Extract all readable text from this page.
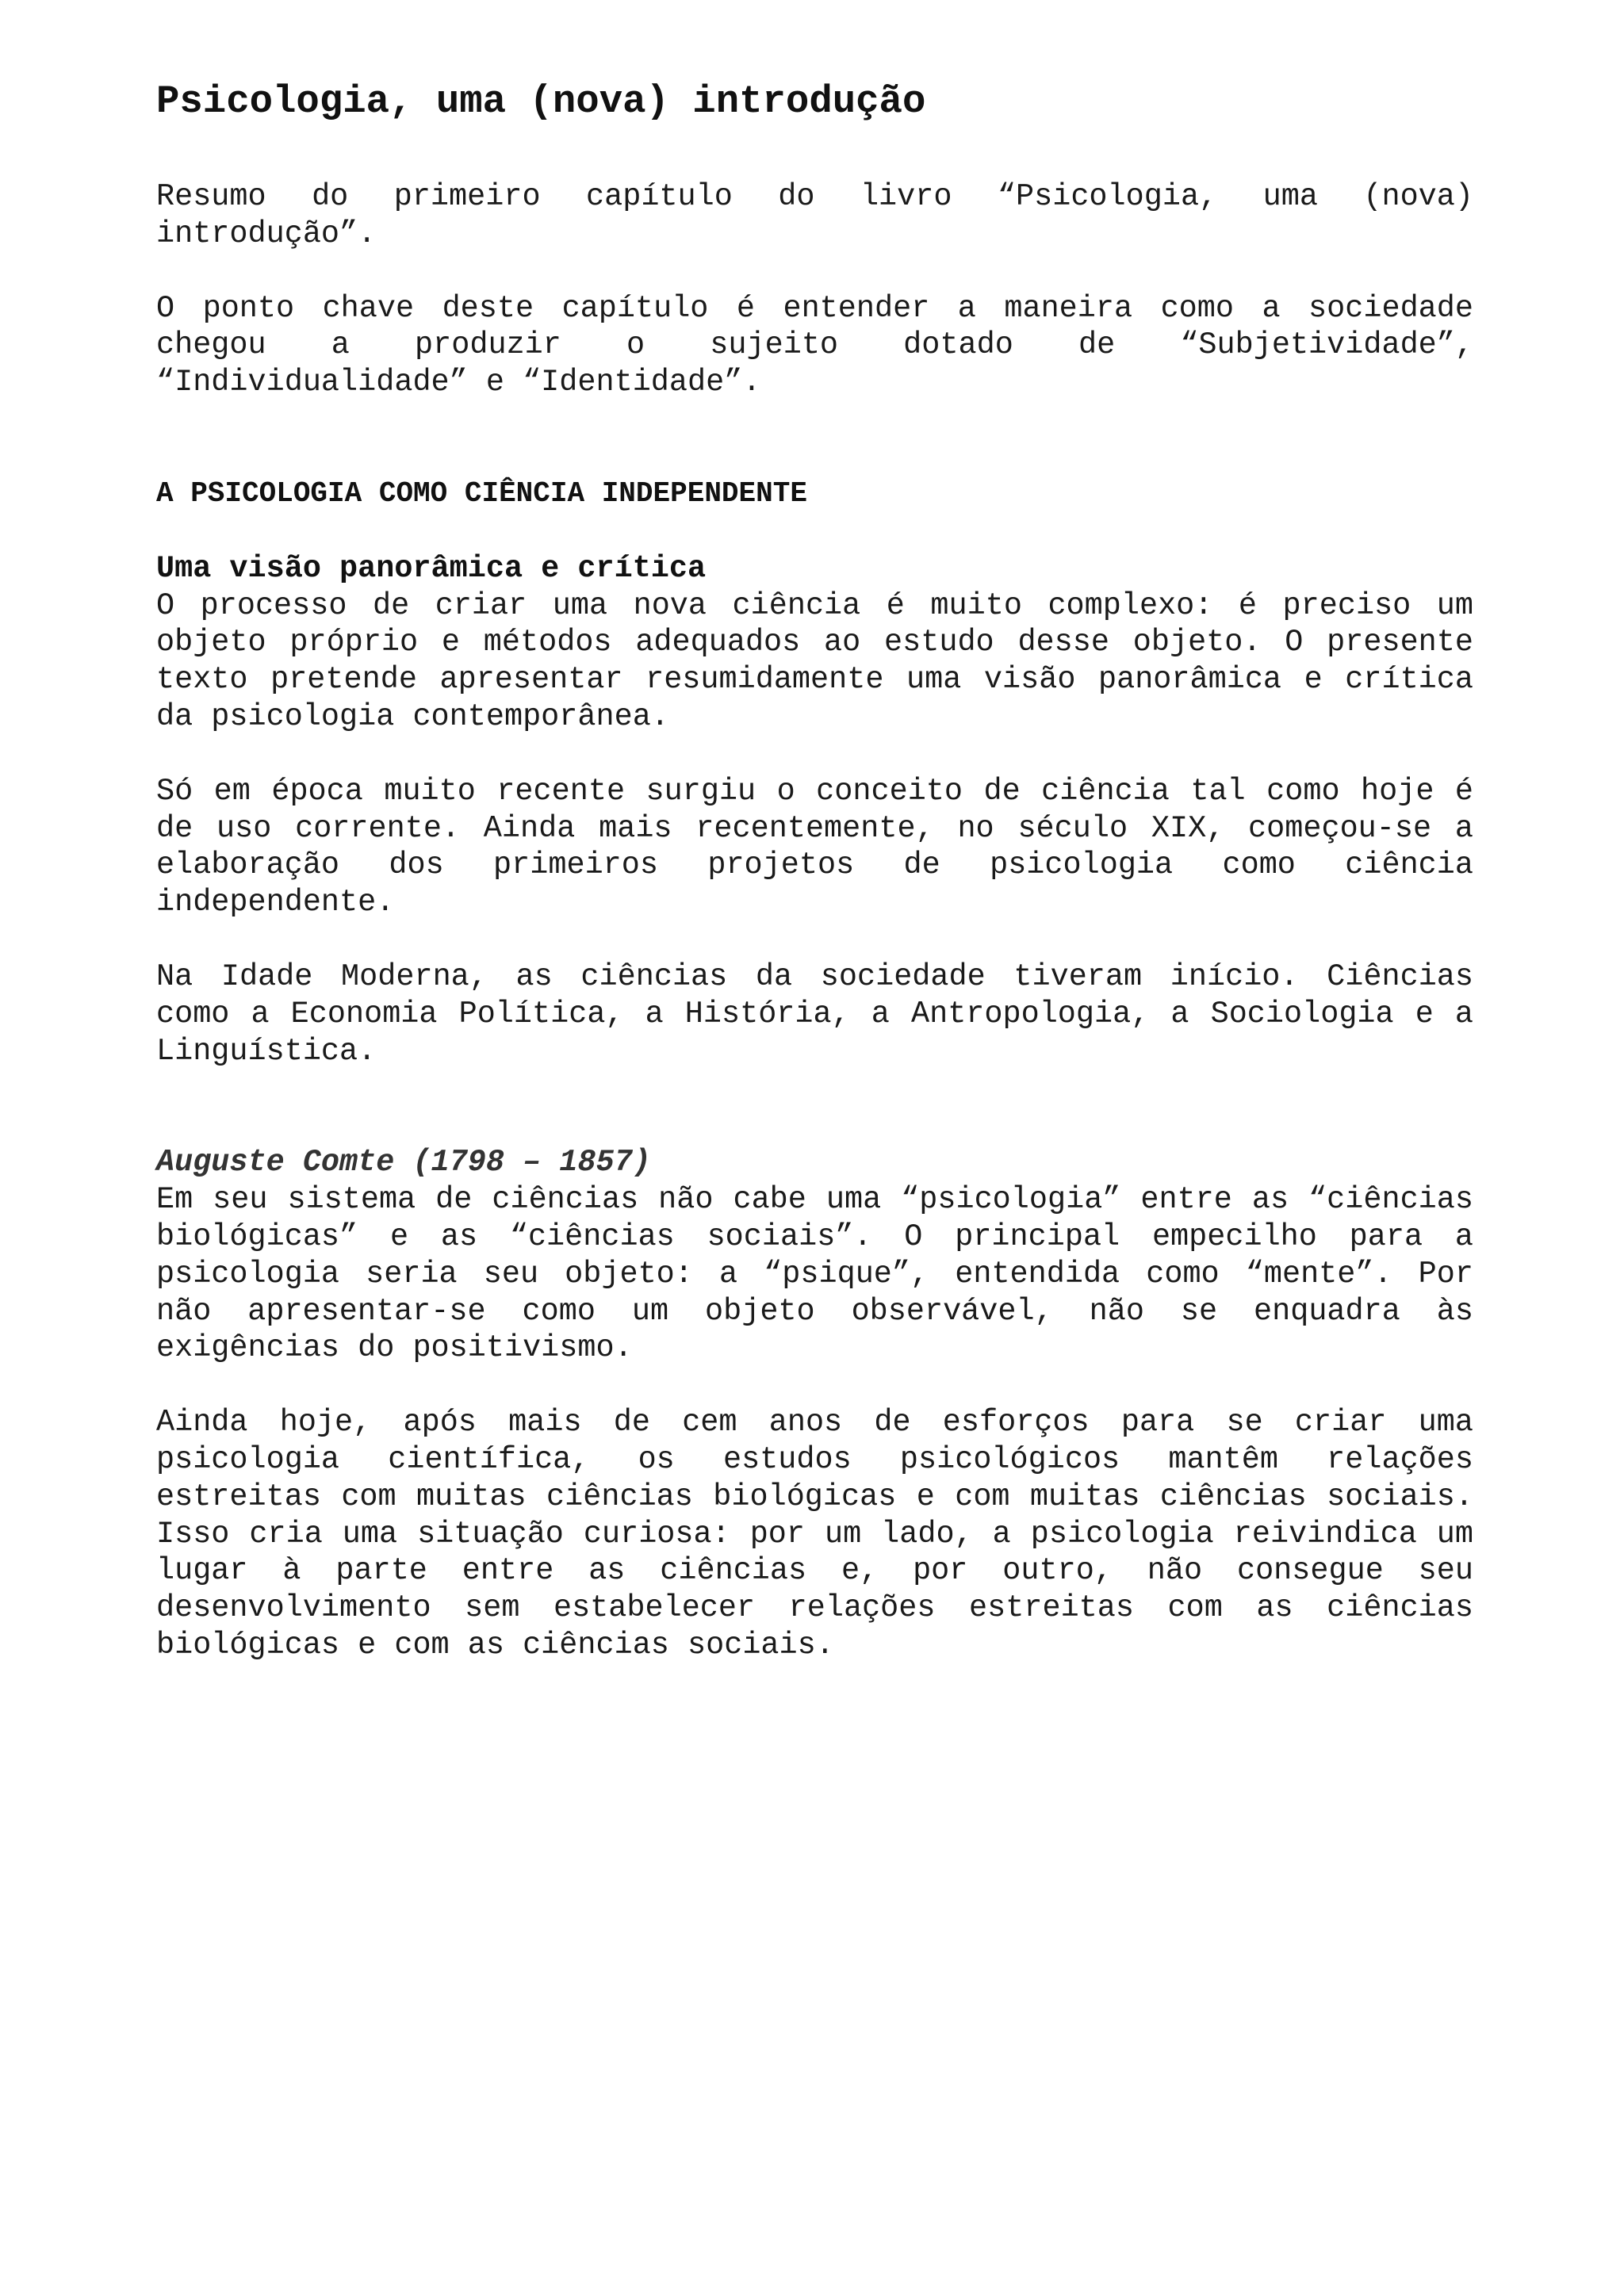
Psicologia, uma (nova) introdução

Resumo do primeiro capítulo do livro “Psicologia, uma (nova) introdução”.

O ponto chave deste capítulo é entender a maneira como a sociedade chegou a produzir o sujeito dotado de “Subjetividade”, “Individualidade” e “Identidade”.

A PSICOLOGIA COMO CIÊNCIA INDEPENDENTE
Uma visão panorâmica e crítica

O processo de criar uma nova ciência é muito complexo: é preciso um objeto próprio e métodos adequados ao estudo desse objeto. O presente texto pretende apresentar resumidamente uma visão panorâmica e crítica da psicologia contemporânea.

Só em época muito recente surgiu o conceito de ciência tal como hoje é de uso corrente. Ainda mais recentemente, no século XIX, começou-se a elaboração dos primeiros projetos de psicologia como ciência independente.

Na Idade Moderna, as ciências da sociedade tiveram início. Ciências como a Economia Política, a História, a Antropologia, a Sociologia e a Linguística.

Auguste Comte (1798 – 1857)

Em seu sistema de ciências não cabe uma “psicologia” entre as “ciências biológicas” e as “ciências sociais”. O principal empecilho para a psicologia seria seu objeto: a “psique”, entendida como “mente”. Por não apresentar-se como um objeto observável, não se enquadra às exigências do positivismo.

Ainda hoje, após mais de cem anos de esforços para se criar uma psicologia científica, os estudos psicológicos mantêm relações estreitas com muitas ciências biológicas e com muitas ciências sociais. Isso cria uma situação curiosa: por um lado, a psicologia reivindica um lugar à parte entre as ciências e, por outro, não consegue seu desenvolvimento sem estabelecer relações estreitas com as ciências biológicas e com as ciências sociais.
